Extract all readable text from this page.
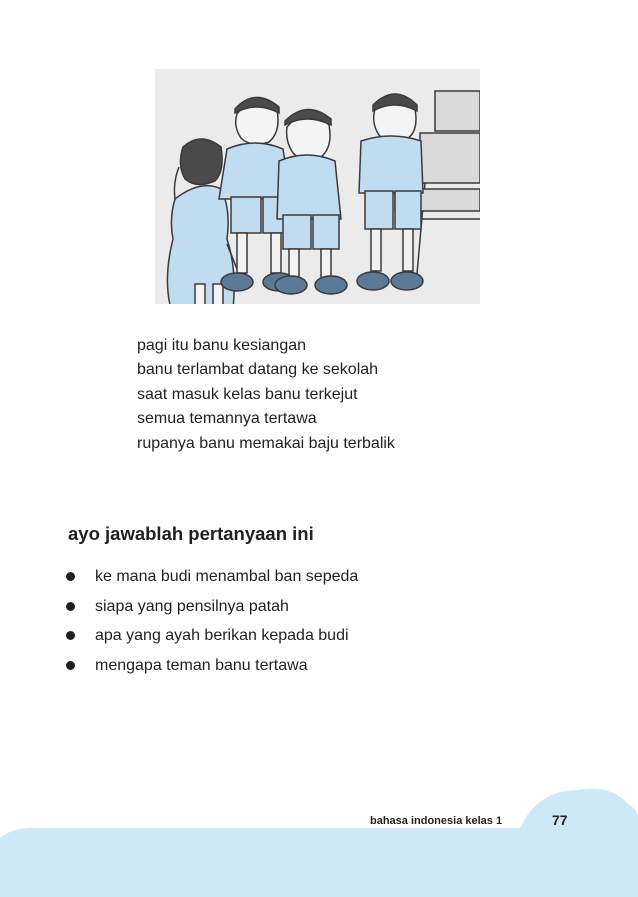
pagi itu banu kesiangan
banu terlambat datang ke sekolah
saat masuk kelas banu terkejut
semua temannya tertawa
rupanya banu memakai baju terbalik
ayo jawablah pertanyaan ini
ke mana budi menambal ban sepeda
siapa yang pensilnya patah
apa yang ayah berikan kepada budi
mengapa teman banu tertawa
bahasa indonesia kelas 1	77
